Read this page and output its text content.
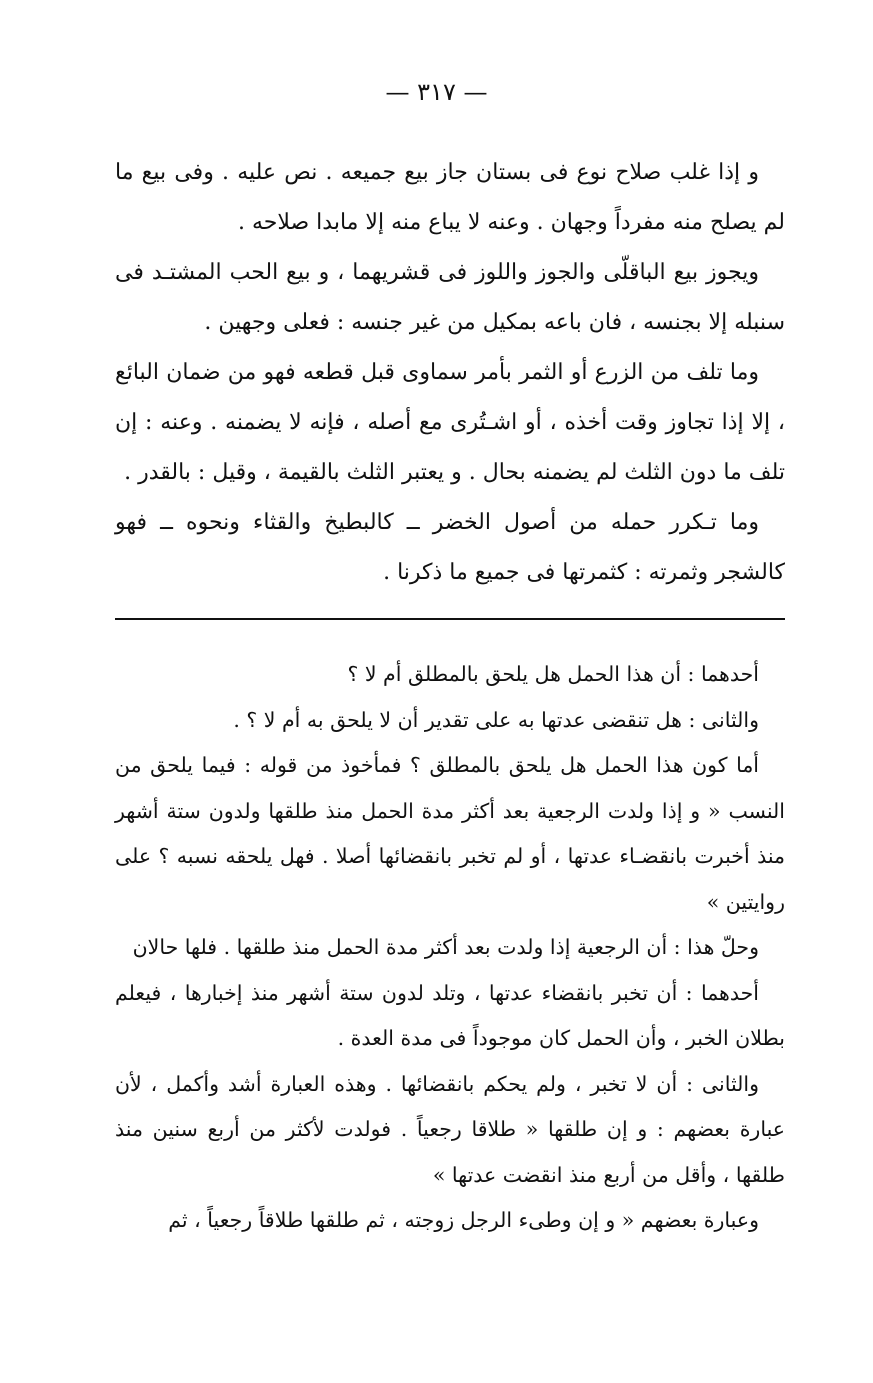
— ٣١٧ —

و إذا غلب صلاح نوع فى بستان جاز بيع جميعه . نص عليه . وفى بيع ما لم يصلح منه مفرداً وجهان . وعنه لا يباع منه إلا مابدا صلاحه .

ويجوز بيع الباقلّى والجوز واللوز فى قشريهما ، و بيع الحب المشتـد فى سنبله إلا بجنسه ، فان باعه بمكيل من غير جنسه : فعلى وجهين .

وما تلف من الزرع أو الثمر بأمر سماوى قبل قطعه فهو من ضمان البائع ، إلا إذا تجاوز وقت أخذه ، أو اشـتُرى مع أصله ، فإنه لا يضمنه . وعنه : إن تلف ما دون الثلث لم يضمنه بحال . و يعتبر الثلث بالقيمة ، وقيل : بالقدر .

وما تـكرر حمله من أصول الخضر ــ كالبطيخ والقثاء ونحوه ــ فهو كالشجر وثمرته : كثمرتها فى جميع ما ذكرنا .

أحدهما : أن هذا الحمل هل يلحق بالمطلق أم لا ؟

والثانى : هل تنقضى عدتها به على تقدير أن لا يلحق به أم لا ؟ .

أما كون هذا الحمل هل يلحق بالمطلق ؟ فمأخوذ من قوله : فيما يلحق من النسب « و إذا ولدت الرجعية بعد أكثر مدة الحمل منذ طلقها ولدون ستة أشهر منذ أخبرت بانقضـاء عدتها ، أو لم تخبر بانقضائها أصلا . فهل يلحقه نسبه ؟ على روايتين »

وحلّ هذا : أن الرجعية إذا ولدت بعد أكثر مدة الحمل منذ طلقها . فلها حالان

أحدهما : أن تخبر بانقضاء عدتها ، وتلد لدون ستة أشهر منذ إخبارها ، فيعلم بطلان الخبر ، وأن الحمل كان موجوداً فى مدة العدة .

والثانى : أن لا تخبر ، ولم يحكم بانقضائها . وهذه العبارة أشد وأكمل ، لأن عبارة بعضهم : و إن طلقها « طلاقا رجعياً . فولدت لأكثر من أربع سنين منذ طلقها ، وأقل من أربع منذ انقضت عدتها »

وعبارة بعضهم « و إن وطىء الرجل زوجته ، ثم طلقها طلاقاً رجعياً ، ثم
